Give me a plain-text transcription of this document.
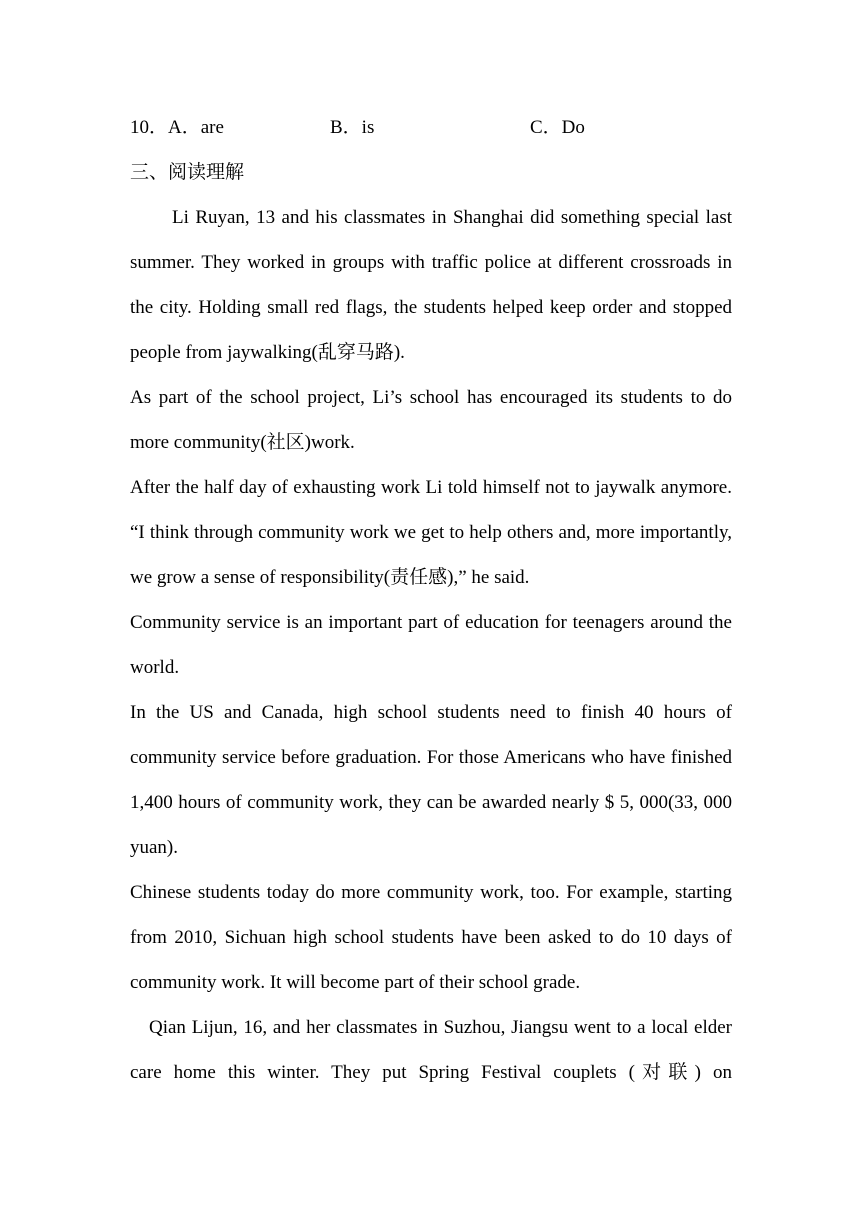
10．A．are	B．is	C．Do
三、阅读理解

Li Ruyan, 13 and his classmates in Shanghai did something special last summer. They worked in groups with traffic police at different crossroads in the city. Holding small red flags, the students helped keep order and stopped people from jaywalking(乱穿马路).

As part of the school project, Li’s school has encouraged its students to do more community(社区)work.

After the half day of exhausting work Li told himself not to jaywalk anymore. “I think through community work we get to help others and, more importantly, we grow a sense of responsibility(责任感),” he said.

Community service is an important part of education for teenagers around the world.

In the US and Canada, high school students need to finish 40 hours of community service before graduation. For those Americans who have finished 1,400 hours of community work, they can be awarded nearly $ 5, 000(33, 000 yuan).

Chinese students today do more community work, too. For example, starting from 2010, Sichuan high school students have been asked to do 10 days of community work. It will become part of their school grade.

Qian Lijun, 16, and her classmates in Suzhou, Jiangsu went to a local elder care home this winter. They put Spring Festival couplets (对联) on
